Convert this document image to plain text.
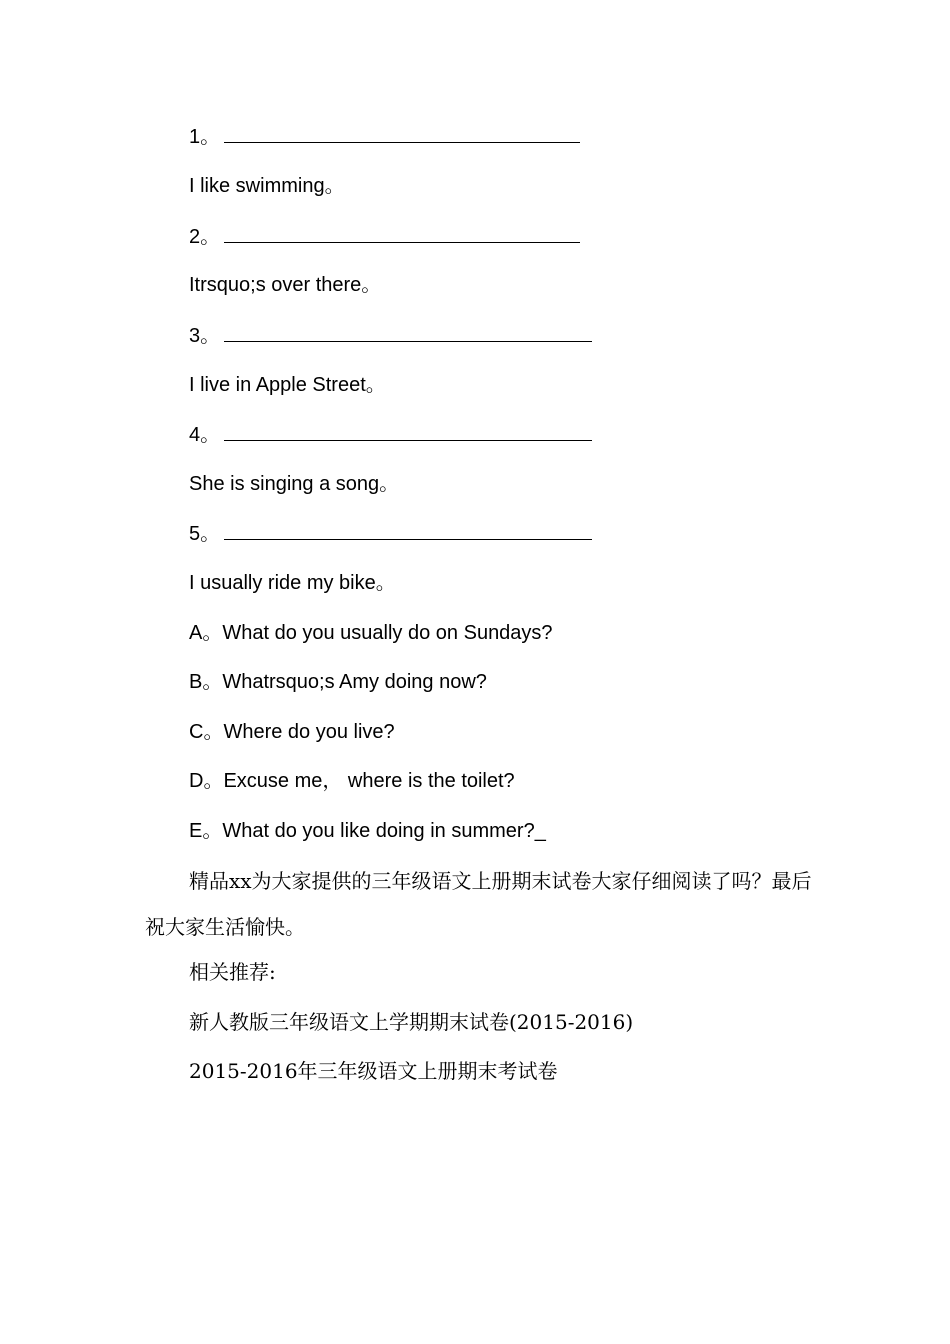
1。
I like swimming。
2。
Itrsquo;s over there。
3。
I live in Apple Street。
4。
She is singing a song。
5。
I usually ride my bike。
A。What do you usually do on Sundays?
B。Whatrsquo;s Amy doing now?
C。Where do you live?
D。Excuse me， where is the toilet?
E。What do you like doing in summer?_
精品xx为大家提供的三年级语文上册期末试卷大家仔细阅读了吗？最后祝大家生活愉快。
相关推荐:
新人教版三年级语文上学期期末试卷(2015-2016)
2015-2016年三年级语文上册期末考试卷
